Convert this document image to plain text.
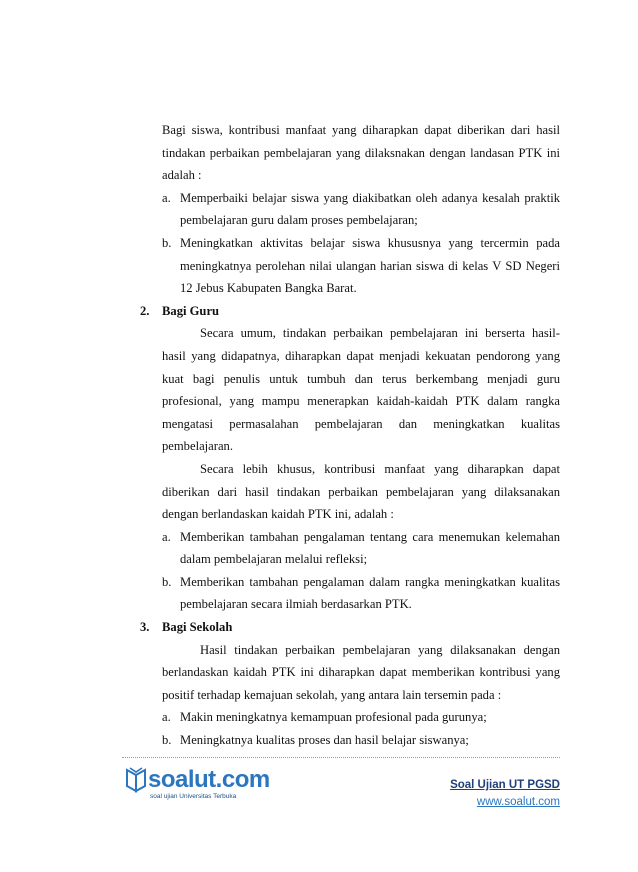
Bagi siswa, kontribusi manfaat yang diharapkan dapat diberikan dari hasil

tindakan perbaikan pembelajaran yang dilaksnakan dengan landasan PTK ini

adalah :

a. Memperbaiki belajar siswa yang diakibatkan oleh adanya kesalah praktik
pembelajaran guru dalam proses pembelajaran;
b. Meningkatkan aktivitas belajar siswa khususnya yang tercermin pada
meningkatnya perolehan nilai ulangan harian siswa di kelas V SD Negeri
12 Jebus Kabupaten Bangka Barat.
2. Bagi Guru

Secara umum, tindakan perbaikan pembelajaran ini berserta hasil-

hasil yang didapatnya, diharapkan dapat menjadi kekuatan pendorong yang

kuat bagi penulis untuk tumbuh dan terus berkembang menjadi guru

profesional, yang mampu menerapkan kaidah-kaidah PTK dalam rangka

mengatasi permasalahan pembelajaran dan meningkatkan kualitas

pembelajaran.

Secara lebih khusus, kontribusi manfaat yang diharapkan dapat

diberikan dari hasil tindakan perbaikan pembelajaran yang dilaksanakan

dengan berlandaskan kaidah PTK ini, adalah :

a. Memberikan tambahan pengalaman tentang cara menemukan kelemahan
dalam pembelajaran melalui refleksi;
b. Memberikan tambahan pengalaman dalam rangka meningkatkan kualitas
pembelajaran secara ilmiah berdasarkan PTK.
3. Bagi Sekolah

Hasil tindakan perbaikan pembelajaran yang dilaksanakan dengan

berlandaskan kaidah PTK ini diharapkan dapat memberikan kontribusi yang

positif terhadap kemajuan sekolah, yang antara lain tersemin pada :

a. Makin meningkatnya kemampuan profesional pada gurunya;
b. Meningkatnya kualitas proses dan hasil belajar siswanya;
soalut.com
soal ujian Universitas Terbuka
Soal Ujian UT PGSD
www.soalut.com
